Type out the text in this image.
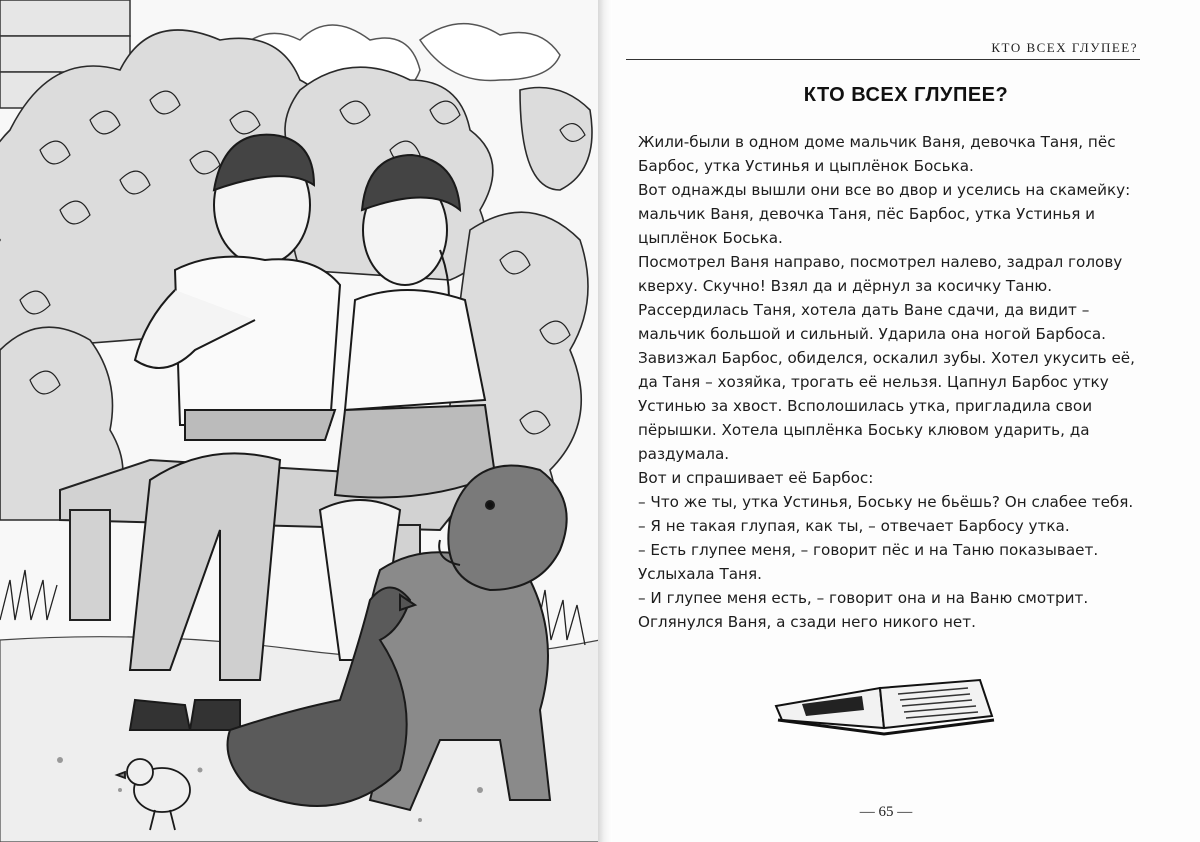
КТО ВСЕХ ГЛУПЕЕ?
КТО ВСЕХ ГЛУПЕЕ?

Жили-были в одном доме мальчик Ваня, девочка Таня, пёс Барбос, утка Устинья и цыплёнок Боська.

Вот однажды вышли они все во двор и уселись на скамейку: мальчик Ваня, девочка Таня, пёс Барбос, утка Устинья и цыплёнок Боська.

Посмотрел Ваня направо, посмотрел налево, задрал голову кверху. Скучно! Взял да и дёрнул за косичку Таню.

Рассердилась Таня, хотела дать Ване сдачи, да видит – мальчик большой и сильный. Ударила она ногой Барбоса. Завизжал Барбос, обиделся, оскалил зубы. Хотел укусить её, да Таня – хозяйка, трогать её нельзя. Цапнул Барбос утку Устинью за хвост. Всполошилась утка, пригладила свои пёрышки. Хотела цыплёнка Боську клювом ударить, да раздумала.

Вот и спрашивает её Барбос:

– Что же ты, утка Устинья, Боську не бьёшь? Он слабее тебя.

– Я не такая глупая, как ты, – отвечает Барбосу утка.

– Есть глупее меня, – говорит пёс и на Таню показывает.

Услыхала Таня.

– И глупее меня есть, – говорит она и на Ваню смотрит.

Оглянулся Ваня, а сзади него никого нет.

— 65 —
